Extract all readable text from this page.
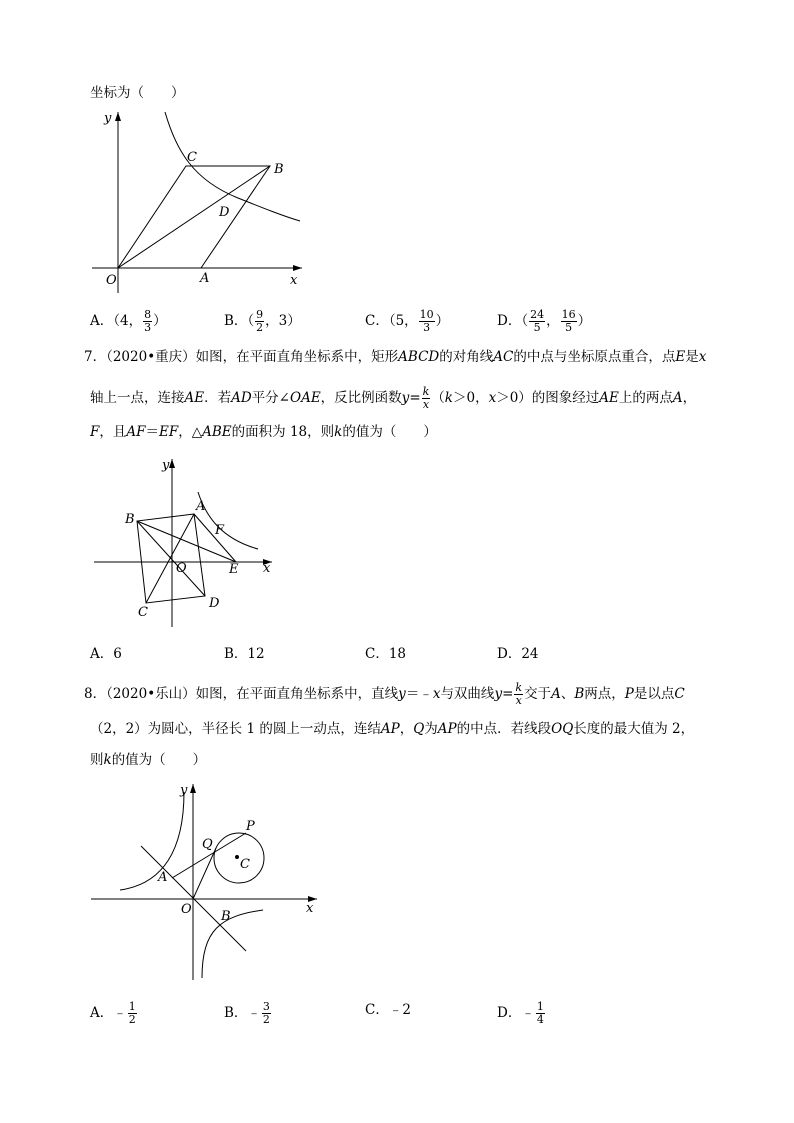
坐标为（　　）
y
x
O	A
B
C
D
A．（4， $\frac{8}{3}$ ）	B．（ $\frac{9}{2}$ ，3）	C．（5， $\frac{10}{3}$ ）	D．（ $\frac{24}{5}$ ， $\frac{16}{5}$ ）
7．（2020•重庆）如图，在平面直角坐标系中，矩形ABCD的对角线AC的中点与坐标原点重合，点E是x
轴上一点，连接AE．若AD平分∠OAE，反比例函数$y= \frac{k}{x} (k>0$，x＞0）的图象经过AE上的两点A，
F，且AF＝EF，△ABE的面积为 18，则k的值为（　　）
y
x
O
A
B
C
D
E
F
A．6	B．12	C．18	D．24
8．（2020•乐山）如图，在平面直角坐标系中，直线y＝﹣x与双曲线$y= \frac{k}{x}$ 交于A、B两点，P是以点C
（2，2）为圆心，半径长 1 的圆上一动点，连结AP，Q为AP的中点．若线段OQ长度的最大值为 2，
则k的值为（　　）
y
x
O
A
B
C
P
Q
A．﹣ $\frac{1}{2}$	B．﹣ $\frac{3}{2}$	C．﹣2	D．﹣ $\frac{1}{4}$
